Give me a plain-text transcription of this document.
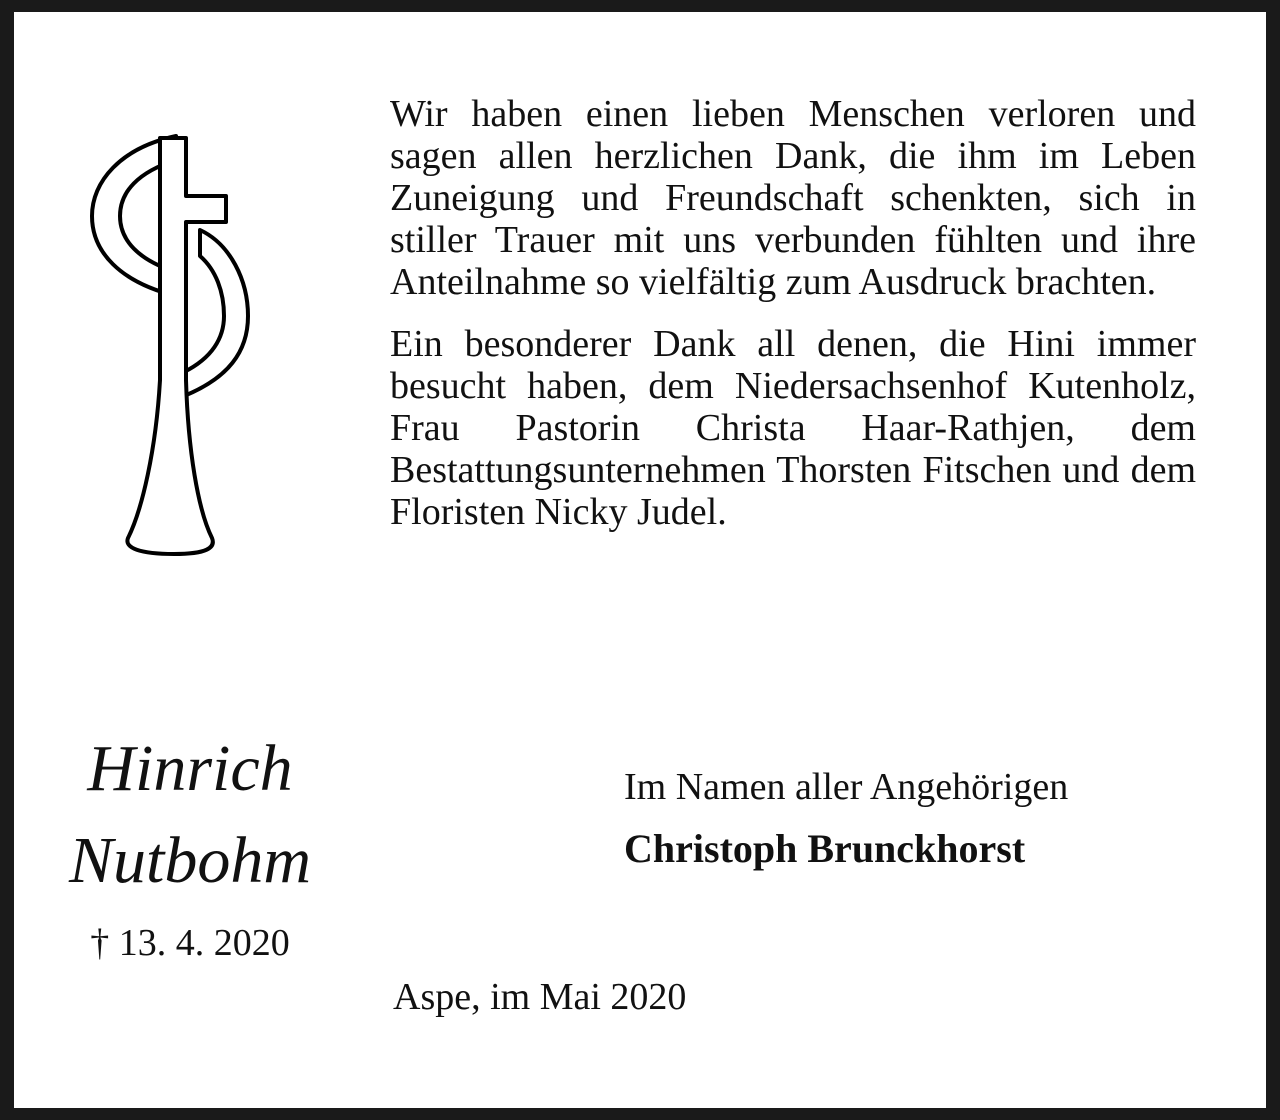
Wir haben einen lieben Menschen verloren und sagen allen herzlichen Dank, die ihm im Leben Zuneigung und Freundschaft schenkten, sich in stiller Trauer mit uns verbunden fühlten und ihre Anteilnahme so vielfältig zum Ausdruck brachten.

Ein besonderer Dank all denen, die Hini immer besucht haben, dem Niedersachsenhof Kutenholz, Frau Pastorin Christa Haar-Rathjen, dem Bestattungsunternehmen Thorsten Fitschen und dem Floristen Nicky Judel.

Hinrich
Nutbohm
† 13. 4. 2020
Im Namen aller Angehörigen
Christoph Brunckhorst
Aspe, im Mai 2020
